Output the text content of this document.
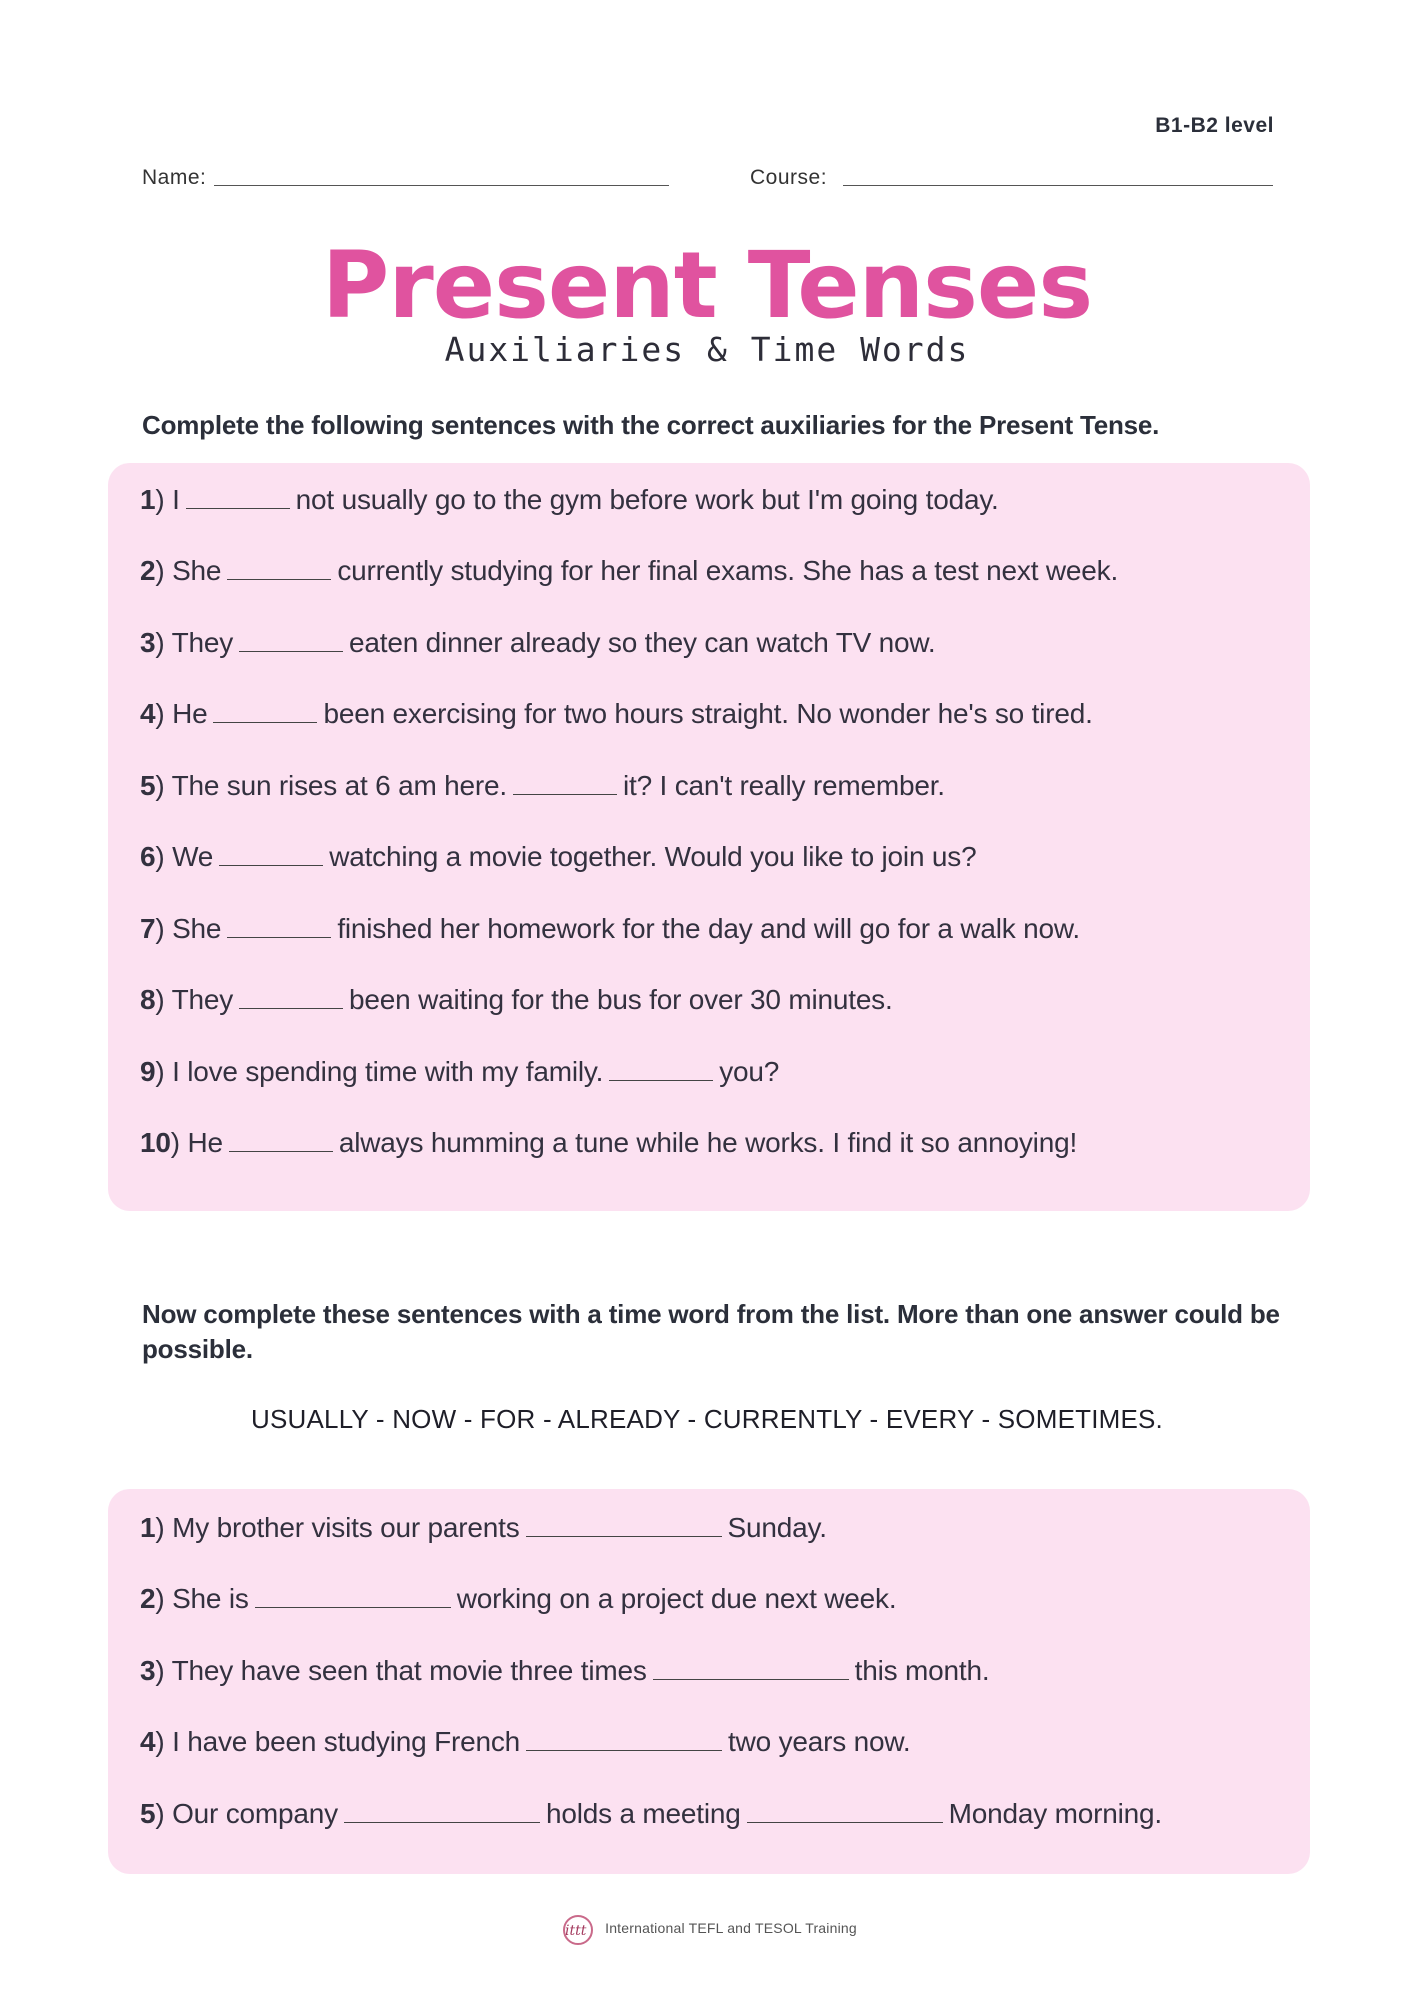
B1-B2 level
Name:	Course:
Present Tenses
Auxiliaries & Time Words
Complete the following sentences with the correct auxiliaries for the Present Tense.
1) I	not usually go to the gym before work but I'm going today.
2) She	currently studying for her final exams. She has a test next week.
3) They	eaten dinner already so they can watch TV now.
4) He	been exercising for two hours straight. No wonder he's so tired.
5) The sun rises at 6 am here.	it? I can't really remember.
6) We	watching a movie together. Would you like to join us?
7) She	finished her homework for the day and will go for a walk now.
8) They	been waiting for the bus for over 30 minutes.
9) I love spending time with my family.	you?
10) He	always humming a tune while he works. I find it so annoying!
Now complete these sentences with a time word from the list. More than one answer could be possible.
USUALLY - NOW - FOR - ALREADY - CURRENTLY - EVERY - SOMETIMES.
1) My brother visits our parents	Sunday.
2) She is	working on a project due next week.
3) They have seen that movie three times	this month.
4) I have been studying French	two years now.
5) Our company	holds a meeting	Monday morning.
ittt International TEFL and TESOL Training
